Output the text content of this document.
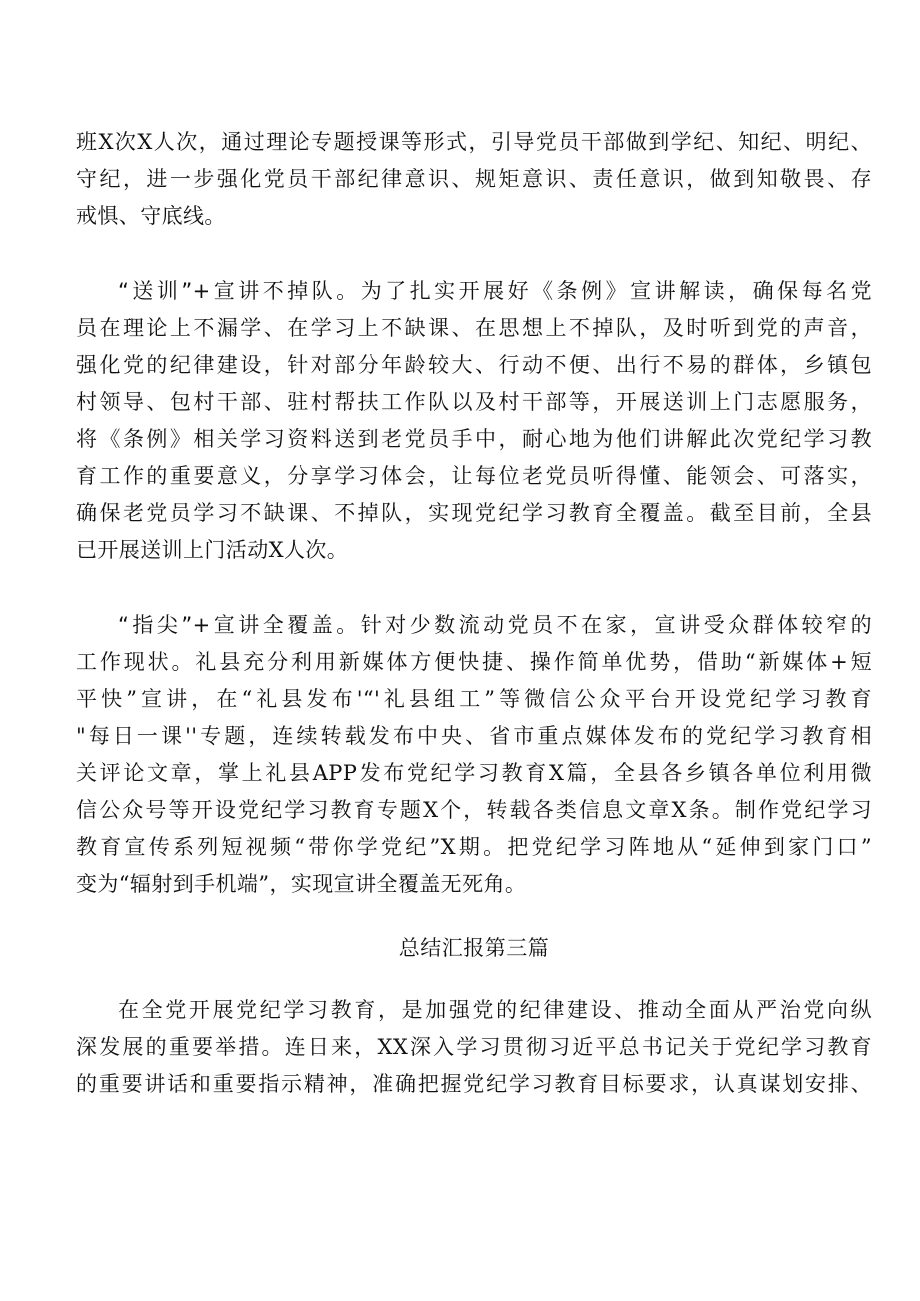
班X次X人次，通过理论专题授课等形式，引导党员干部做到学纪、知纪、明纪、
守纪，进一步强化党员干部纪律意识、规矩意识、责任意识，做到知敬畏、存
戒惧、守底线。

“送训”+宣讲不掉队。为了扎实开展好《条例》宣讲解读，确保每名党
员在理论上不漏学、在学习上不缺课、在思想上不掉队，及时听到党的声音，
强化党的纪律建设，针对部分年龄较大、行动不便、出行不易的群体，乡镇包
村领导、包村干部、驻村帮扶工作队以及村干部等，开展送训上门志愿服务，
将《条例》相关学习资料送到老党员手中，耐心地为他们讲解此次党纪学习教
育工作的重要意义，分享学习体会，让每位老党员听得懂、能领会、可落实，
确保老党员学习不缺课、不掉队，实现党纪学习教育全覆盖。截至目前，全县
已开展送训上门活动X人次。

“指尖”+宣讲全覆盖。针对少数流动党员不在家，宣讲受众群体较窄的
工作现状。礼县充分利用新媒体方便快捷、操作简单优势，借助“新媒体+短
平快”宣讲，在“礼县发布'“'礼县组工”等微信公众平台开设党纪学习教育
"每日一课''专题，连续转载发布中央、省市重点媒体发布的党纪学习教育相
关评论文章，掌上礼县APP发布党纪学习教育X篇，全县各乡镇各单位利用微
信公众号等开设党纪学习教育专题X个，转载各类信息文章X条。制作党纪学习
教育宣传系列短视频“带你学党纪”X期。把党纪学习阵地从“延伸到家门口”
变为“辐射到手机端”，实现宣讲全覆盖无死角。

总结汇报第三篇

在全党开展党纪学习教育，是加强党的纪律建设、推动全面从严治党向纵
深发展的重要举措。连日来，XX深入学习贯彻习近平总书记关于党纪学习教育
的重要讲话和重要指示精神，准确把握党纪学习教育目标要求，认真谋划安排、
